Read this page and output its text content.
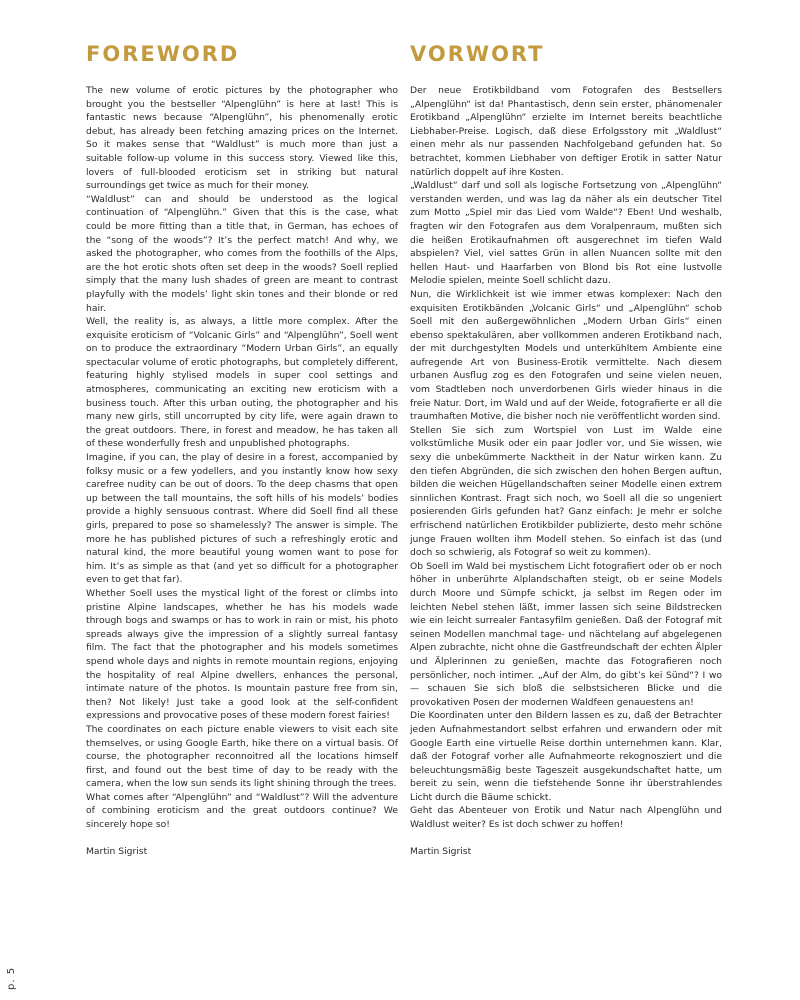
FOREWORD

The new volume of erotic pictures by the photographer who brought you the bestseller “Alpenglühn” is here at last! This is fantastic news because “Alpenglühn”, his phenomenally erotic debut, has already been fetching amazing prices on the Internet. So it makes sense that “Waldlust” is much more than just a suitable follow-up volume in this success story. Viewed like this, lovers of full-blooded eroticism set in striking but natural surroundings get twice as much for their money.

“Waldlust” can and should be understood as the logical continuation of “Alpenglühn.” Given that this is the case, what could be more fitting than a title that, in German, has echoes of the “song of the woods”? It’s the perfect match! And why, we asked the photographer, who comes from the foothills of the Alps, are the hot erotic shots often set deep in the woods? Soell replied simply that the many lush shades of green are meant to contrast playfully with the models’ light skin tones and their blonde or red hair.

Well, the reality is, as always, a little more complex. After the exquisite eroticism of “Volcanic Girls” and “Alpenglühn”, Soell went on to produce the extraordinary “Modern Urban Girls”, an equally spectacular volume of erotic photographs, but completely different, featuring highly stylised models in super cool settings and atmospheres, communicating an exciting new eroticism with a business touch. After this urban outing, the photographer and his many new girls, still uncorrupted by city life, were again drawn to the great outdoors. There, in forest and meadow, he has taken all of these wonderfully fresh and unpublished photographs.

Imagine, if you can, the play of desire in a forest, accompanied by folksy music or a few yodellers, and you instantly know how sexy carefree nudity can be out of doors. To the deep chasms that open up between the tall mountains, the soft hills of his models’ bodies provide a highly sensuous contrast. Where did Soell find all these girls, prepared to pose so shamelessly? The answer is simple. The more he has published pictures of such a refreshingly erotic and natural kind, the more beautiful young women want to pose for him. It’s as simple as that (and yet so difficult for a photographer even to get that far).

Whether Soell uses the mystical light of the forest or climbs into pristine Alpine landscapes, whether he has his models wade through bogs and swamps or has to work in rain or mist, his photo spreads always give the impression of a slightly surreal fantasy film. The fact that the photographer and his models sometimes spend whole days and nights in remote mountain regions, enjoying the hospitality of real Alpine dwellers, enhances the personal, intimate nature of the photos. Is mountain pasture free from sin, then? Not likely! Just take a good look at the self-confident expressions and provocative poses of these modern forest fairies!

The coordinates on each picture enable viewers to visit each site themselves, or using Google Earth, hike there on a virtual basis. Of course, the photographer reconnoitred all the locations himself first, and found out the best time of day to be ready with the camera, when the low sun sends its light shining through the trees.

What comes after “Alpenglühn” and “Waldlust”? Will the adventure of combining eroticism and the great outdoors continue? We sincerely hope so!

Martin Sigrist
VORWORT

Der neue Erotikbildband vom Fotografen des Bestsellers „Alpenglühn“ ist da! Phantastisch, denn sein erster, phänomenaler Erotikband „Alpenglühn“ erzielte im Internet bereits beachtliche Liebhaber-Preise. Logisch, daß diese Erfolgsstory mit „Waldlust“ einen mehr als nur passenden Nachfolgeband gefunden hat. So betrachtet, kommen Liebhaber von deftiger Erotik in satter Natur natürlich doppelt auf ihre Kosten.

„Waldlust“ darf und soll als logische Fortsetzung von „Alpenglühn“ verstanden werden, und was lag da näher als ein deutscher Titel zum Motto „Spiel mir das Lied vom Walde“? Eben! Und weshalb, fragten wir den Fotografen aus dem Voralpenraum, mußten sich die heißen Erotikaufnahmen oft ausgerechnet im tiefen Wald abspielen? Viel, viel sattes Grün in allen Nuancen sollte mit den hellen Haut- und Haarfarben von Blond bis Rot eine lustvolle Melodie spielen, meinte Soell schlicht dazu.

Nun, die Wirklichkeit ist wie immer etwas komplexer: Nach den exquisiten Erotikbänden „Volcanic Girls“ und „Alpenglühn“ schob Soell mit den außergewöhnlichen „Modern Urban Girls“ einen ebenso spektakulären, aber vollkommen anderen Erotikband nach, der mit durchgestylten Models und unterkühltem Ambiente eine aufregende Art von Business-Erotik vermittelte. Nach diesem urbanen Ausflug zog es den Fotografen und seine vielen neuen, vom Stadtleben noch unverdorbenen Girls wieder hinaus in die freie Natur. Dort, im Wald und auf der Weide, fotografierte er all die traumhaften Motive, die bisher noch nie veröffentlicht worden sind.

Stellen Sie sich zum Wortspiel von Lust im Walde eine volkstümliche Musik oder ein paar Jodler vor, und Sie wissen, wie sexy die unbekümmerte Nacktheit in der Natur wirken kann. Zu den tiefen Abgründen, die sich zwischen den hohen Bergen auftun, bilden die weichen Hügellandschaften seiner Modelle einen extrem sinnlichen Kontrast. Fragt sich noch, wo Soell all die so ungeniert posierenden Girls gefunden hat? Ganz einfach: Je mehr er solche erfrischend natürlichen Erotikbilder publizierte, desto mehr schöne junge Frauen wollten ihm Modell stehen. So einfach ist das (und doch so schwierig, als Fotograf so weit zu kommen).

Ob Soell im Wald bei mystischem Licht fotografiert oder ob er noch höher in unberührte Alplandschaften steigt, ob er seine Models durch Moore und Sümpfe schickt, ja selbst im Regen oder im leichten Nebel stehen läßt, immer lassen sich seine Bildstrecken wie ein leicht surrealer Fantasyfilm genießen. Daß der Fotograf mit seinen Modellen manchmal tage- und nächtelang auf abgelegenen Alpen zubrachte, nicht ohne die Gastfreundschaft der echten Älpler und Älplerinnen zu genießen, machte das Fotografieren noch persönlicher, noch intimer. „Auf der Alm, do gibt’s kei Sünd“? I wo — schauen Sie sich bloß die selbstsicheren Blicke und die provokativen Posen der modernen Waldfeen genauestens an!

Die Koordinaten unter den Bildern lassen es zu, daß der Betrachter jeden Aufnahmestandort selbst erfahren und erwandern oder mit Google Earth eine virtuelle Reise dorthin unternehmen kann. Klar, daß der Fotograf vorher alle Aufnahmeorte rekognosziert und die beleuchtungsmäßig beste Tageszeit ausgekundschaftet hatte, um bereit zu sein, wenn die tiefstehende Sonne ihr überstrahlendes Licht durch die Bäume schickt.

Geht das Abenteuer von Erotik und Natur nach Alpenglühn und Waldlust weiter? Es ist doch schwer zu hoffen!

Martin Sigrist
p. 5
